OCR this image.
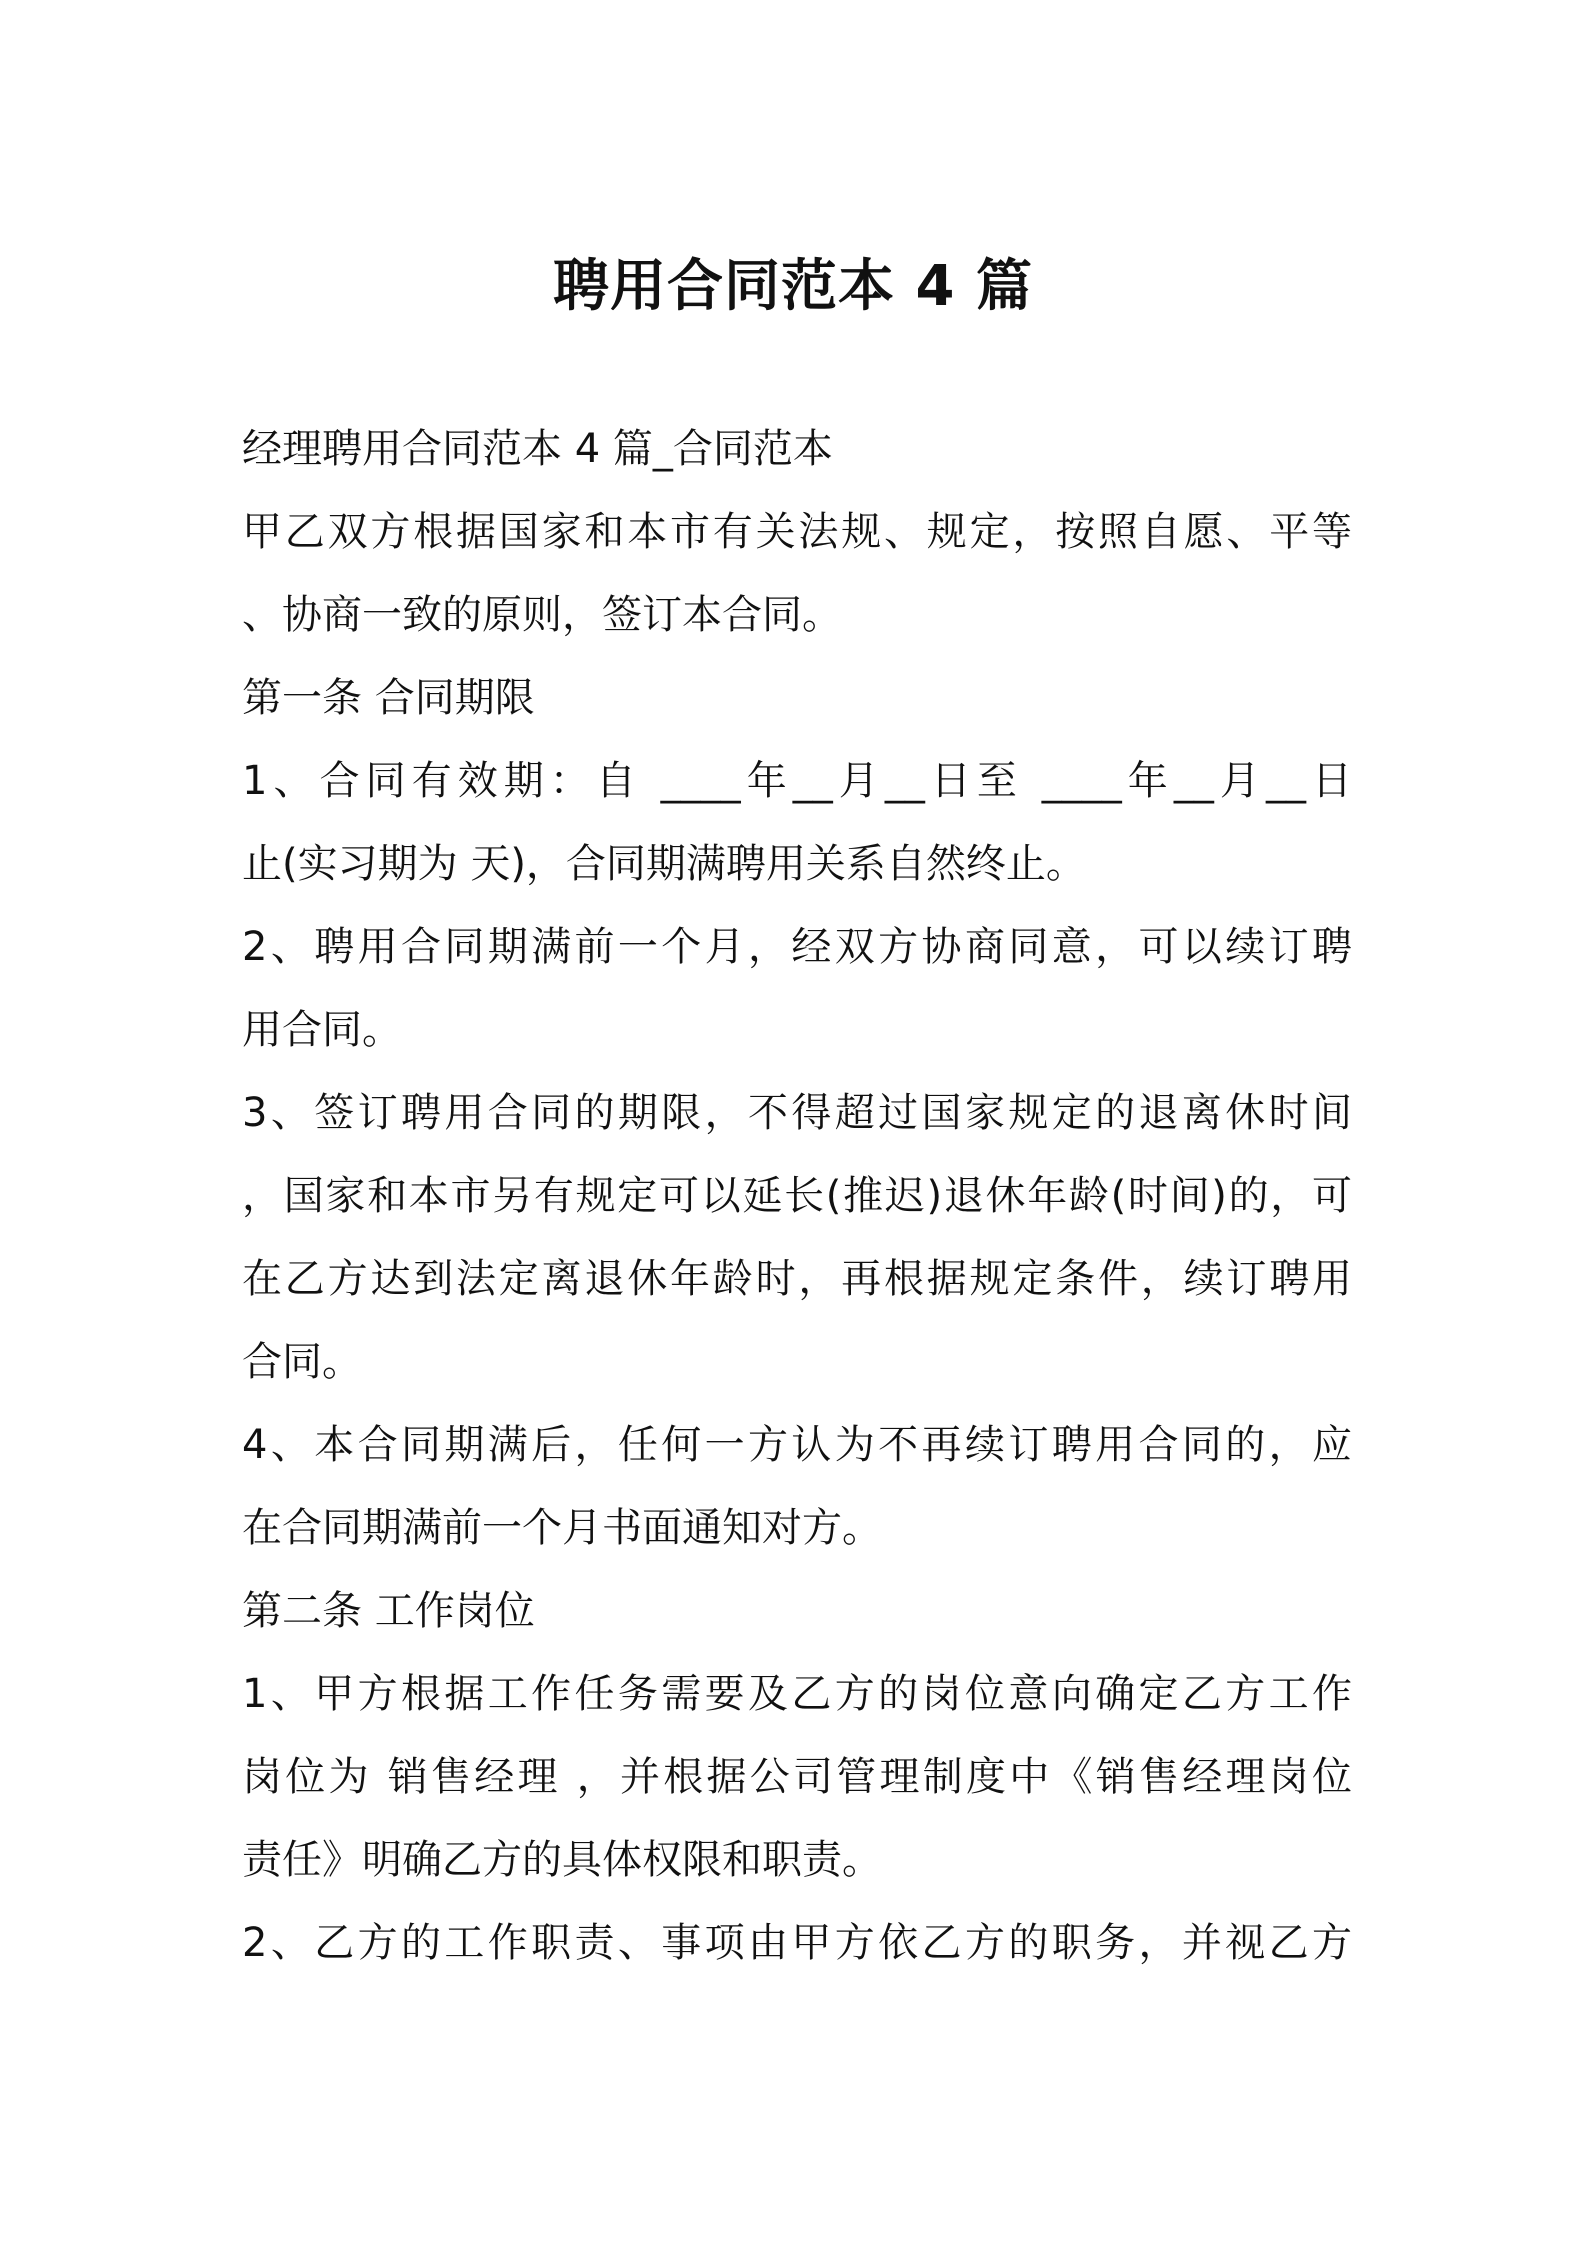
聘用合同范本 4 篇
经理聘用合同范本 4 篇_合同范本
甲乙双方根据国家和本市有关法规、规定，按照自愿、平等
、协商一致的原则，签订本合同。
第一条 合同期限
1、合同有效期：自 ____年__月__日至 ____年__月__日
止(实习期为 天)，合同期满聘用关系自然终止。
2、聘用合同期满前一个月，经双方协商同意，可以续订聘
用合同。
3、签订聘用合同的期限，不得超过国家规定的退离休时间
，国家和本市另有规定可以延长(推迟)退休年龄(时间)的，可
在乙方达到法定离退休年龄时，再根据规定条件，续订聘用
合同。
4、本合同期满后，任何一方认为不再续订聘用合同的，应
在合同期满前一个月书面通知对方。
第二条 工作岗位
1、甲方根据工作任务需要及乙方的岗位意向确定乙方工作
岗位为 销售经理 ，并根据公司管理制度中《销售经理岗位
责任》明确乙方的具体权限和职责。
2、乙方的工作职责、事项由甲方依乙方的职务，并视乙方
